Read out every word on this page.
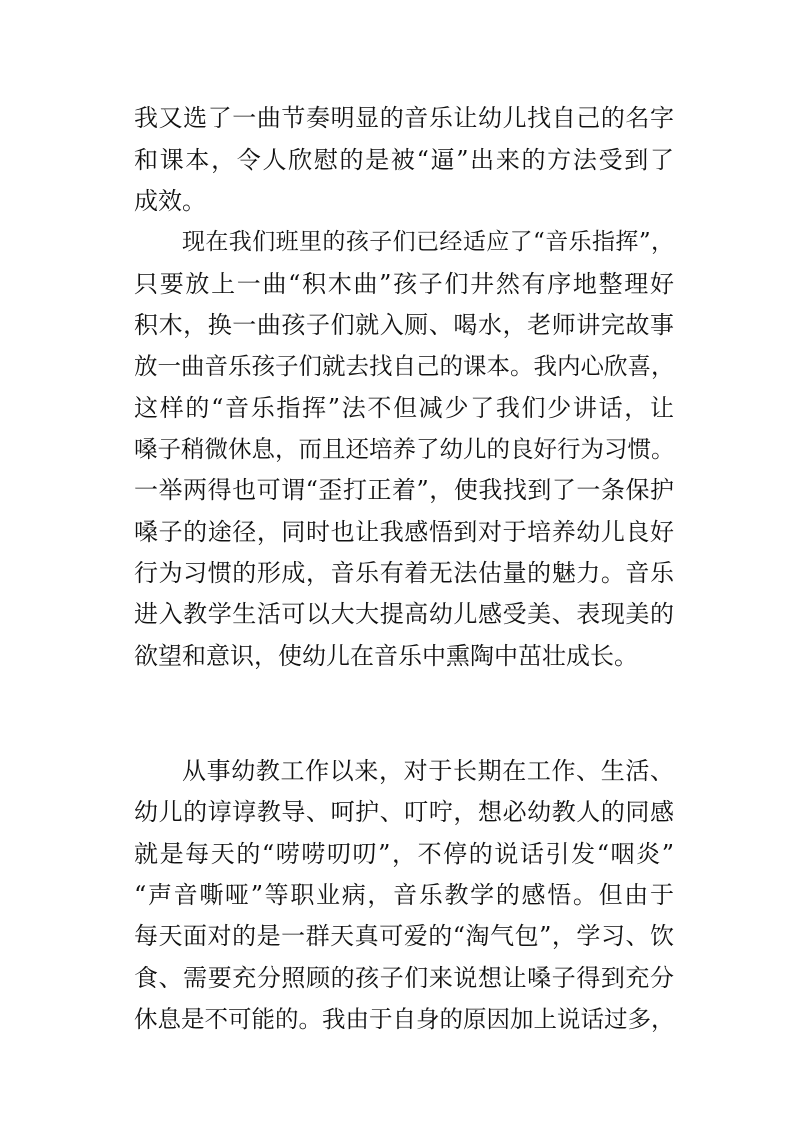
我又选了一曲节奏明显的音乐让幼儿找自己的名字
和课本，令人欣慰的是被“逼”出来的方法受到了
成效。
现在我们班里的孩子们已经适应了“音乐指挥”，
只要放上一曲“积木曲”孩子们井然有序地整理好
积木，换一曲孩子们就入厕、喝水，老师讲完故事
放一曲音乐孩子们就去找自己的课本。我内心欣喜，
这样的“音乐指挥”法不但减少了我们少讲话，让
嗓子稍微休息，而且还培养了幼儿的良好行为习惯。
一举两得也可谓“歪打正着”，使我找到了一条保护
嗓子的途径，同时也让我感悟到对于培养幼儿良好
行为习惯的形成，音乐有着无法估量的魅力。音乐
进入教学生活可以大大提高幼儿感受美、表现美的
欲望和意识，使幼儿在音乐中熏陶中茁壮成长。
从事幼教工作以来，对于长期在工作、生活、
幼儿的谆谆教导、呵护、叮咛，想必幼教人的同感
就是每天的“唠唠叨叨”，不停的说话引发“咽炎”
“声音嘶哑”等职业病，音乐教学的感悟。但由于
每天面对的是一群天真可爱的“淘气包”，学习、饮
食、需要充分照顾的孩子们来说想让嗓子得到充分
休息是不可能的。我由于自身的原因加上说话过多，
